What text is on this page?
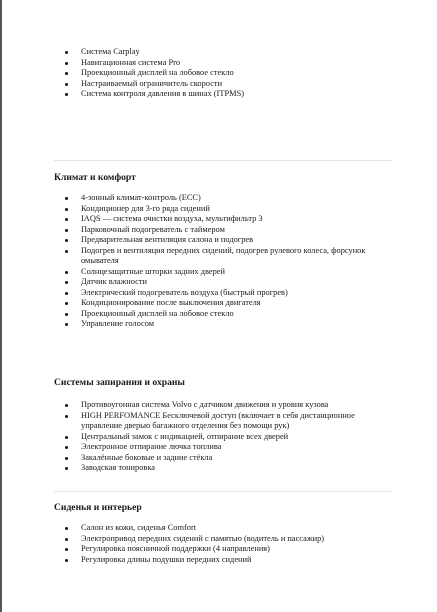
Система Carplay
Навигационная система Pro
Проекционный дисплей на лобовое стекло
Настраиваемый ограничитель скорости
Система контроля давления в шинах (ITPMS)
Климат и комфорт
4-зонный климат-контроль (ECC)
Кондиционер для 3-го ряда сидений
IAQS — система очистки воздуха, мультифильтр 3
Парковочный подогреватель с таймером
Предварительная вентиляция салона и подогрев
Подогрев и вентиляция передних сидений, подогрев рулевого колеса, форсунок омывателя
Солнцезащитные шторки задних дверей
Датчик влажности
Электрический подогреватель воздуха (быстрый прогрев)
Кондиционирование после выключения двигателя
Проекционный дисплей на лобовое стекло
Управление голосом
Системы запирания и охраны
Противоугонная система Volvo с датчиком движения и уровня кузова
HIGH PERFOMANCE Бесключевой доступ (включает в себя дистанционное управление дверью багажного отделения без помощи рук)
Центральный замок с индикацией, отпирание всех дверей
Электронное отпирание лючка топлива
Закалённые боковые и задние стёкла
Заводская тонировка
Сиденья и интерьер
Салон из кожи, сиденья Comfort
Электропривод передних сидений с памятью (водитель и пассажир)
Регулировка поясничной поддержки (4 направления)
Регулировка длины подушки передних сидений
